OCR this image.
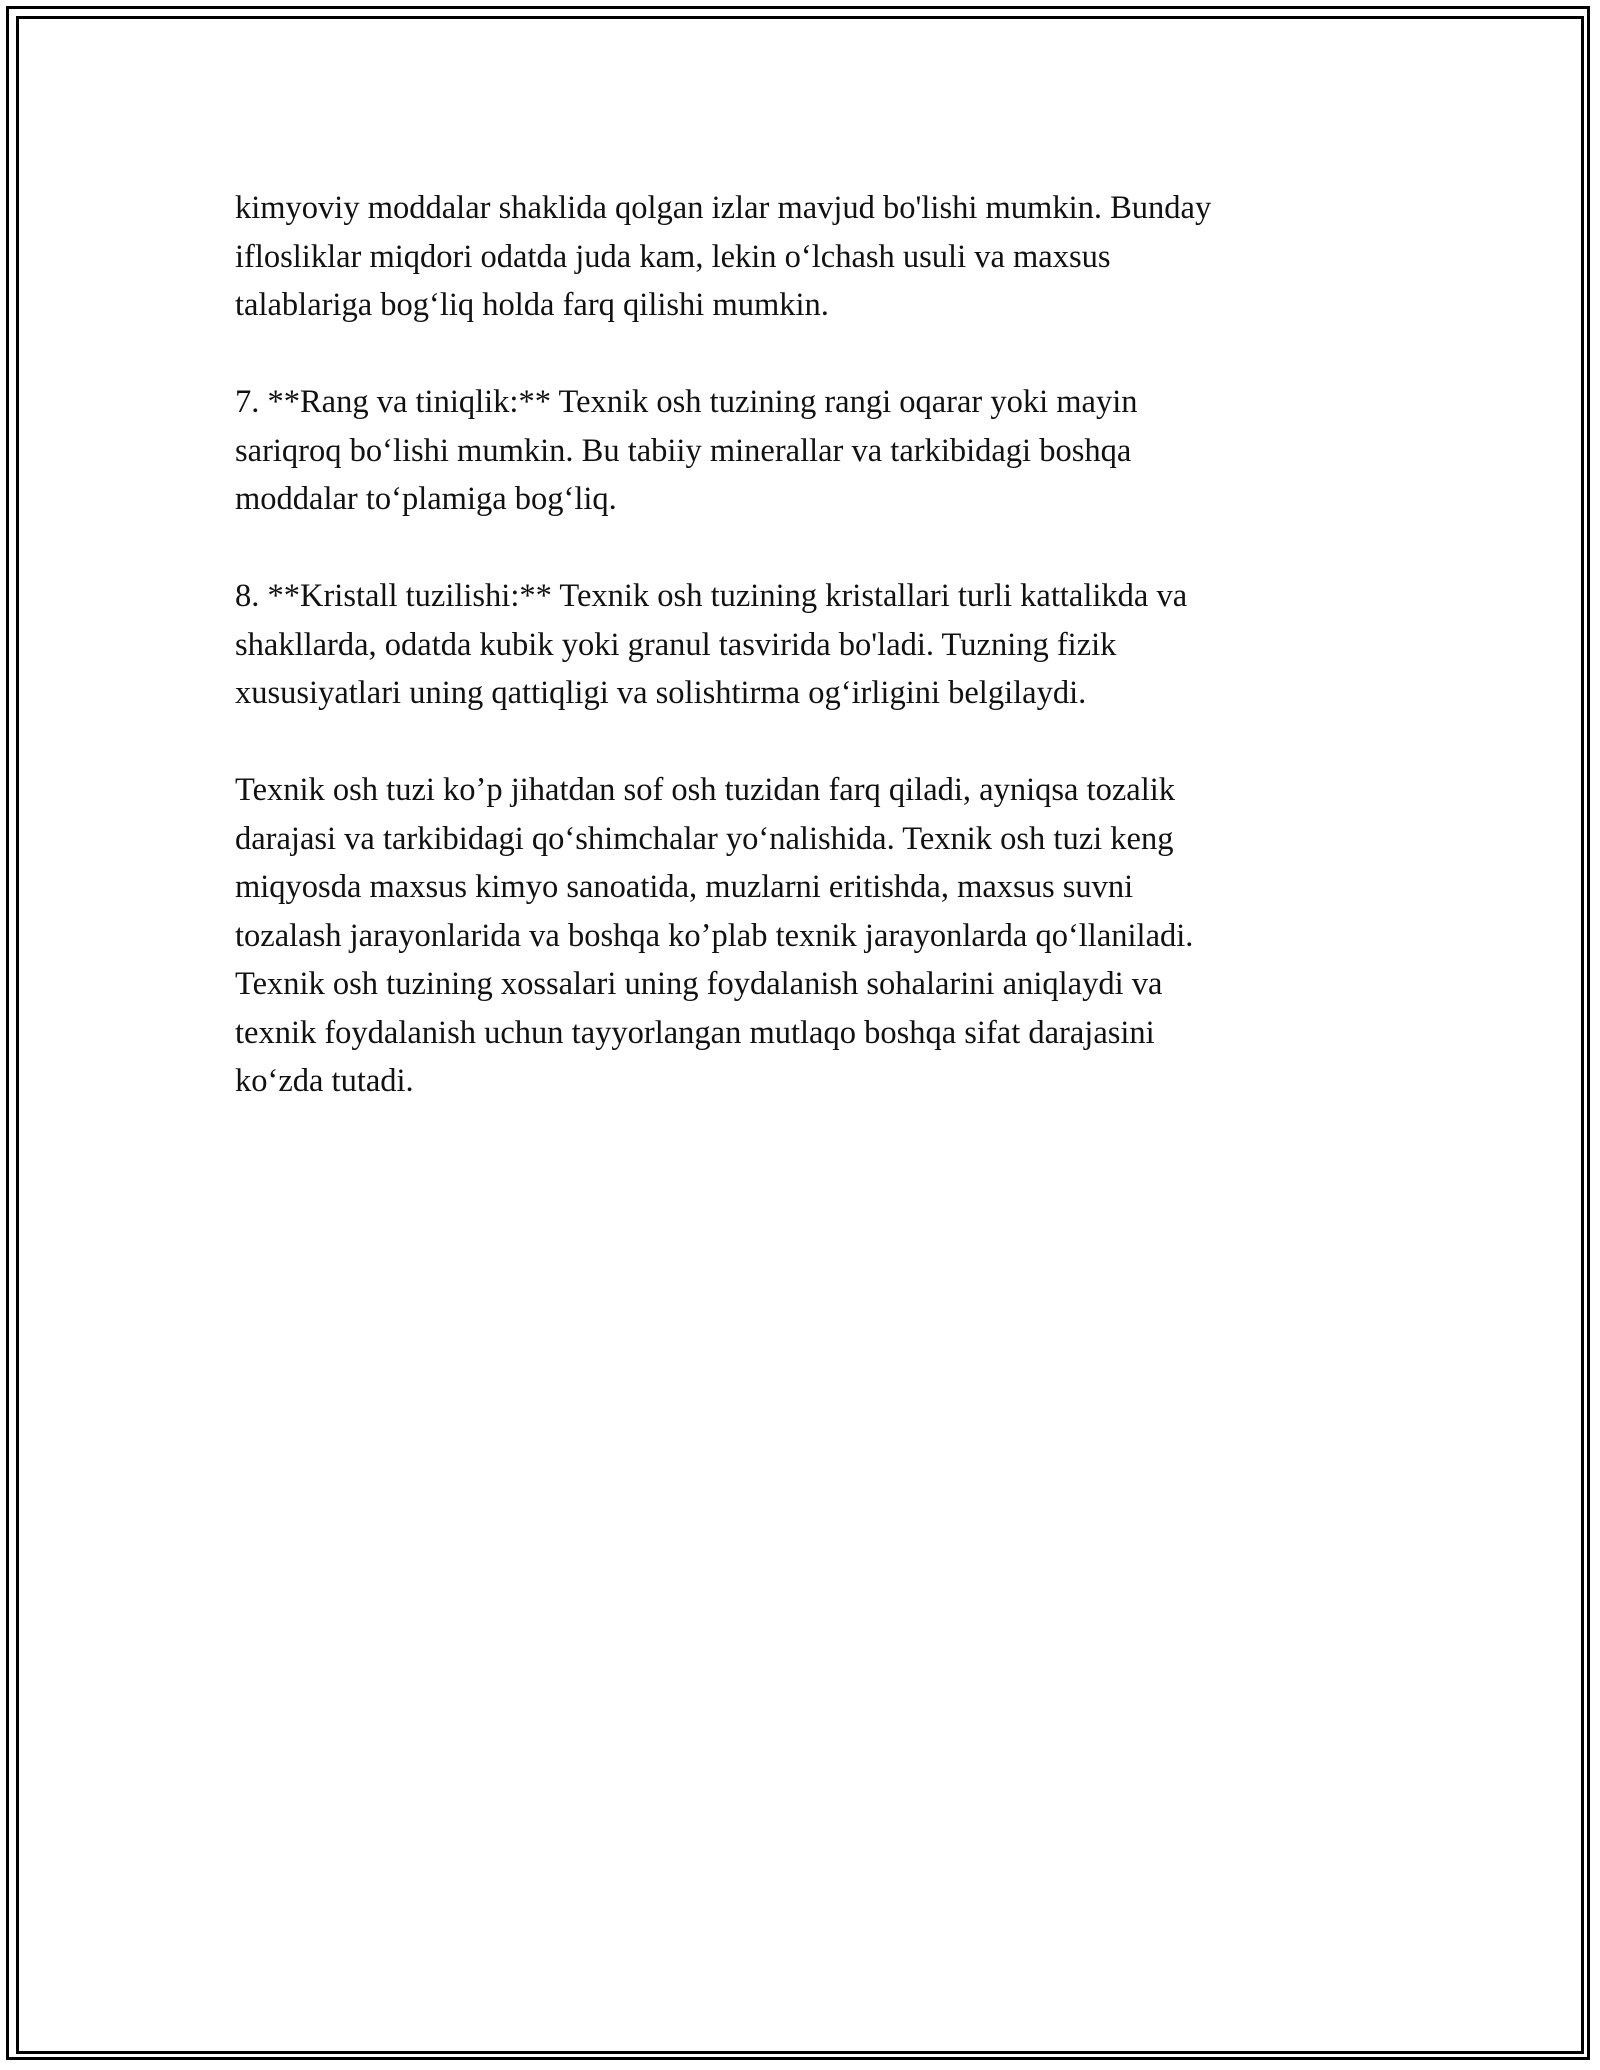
kimyoviy moddalar shaklida qolgan izlar mavjud bo'lishi mumkin. Bunday
iflosliklar miqdori odatda juda kam, lekin oʻlchash usuli va maxsus
talablariga bogʻliq holda farq qilishi mumkin.

7. **Rang va tiniqlik:** Texnik osh tuzining rangi oqarar yoki mayin
sariqroq boʻlishi mumkin. Bu tabiiy minerallar va tarkibidagi boshqa
moddalar toʻplamiga bogʻliq.

8. **Kristall tuzilishi:** Texnik osh tuzining kristallari turli kattalikda va
shakllarda, odatda kubik yoki granul tasvirida bo'ladi. Tuzning fizik
xususiyatlari uning qattiqligi va solishtirma ogʻirligini belgilaydi.

Texnik osh tuzi koʼp jihatdan sof osh tuzidan farq qiladi, ayniqsa tozalik
darajasi va tarkibidagi qoʻshimchalar yoʻnalishida. Texnik osh tuzi keng
miqyosda maxsus kimyo sanoatida, muzlarni eritishda, maxsus suvni
tozalash jarayonlarida va boshqa koʼplab texnik jarayonlarda qoʻllaniladi.
Texnik osh tuzining xossalari uning foydalanish sohalarini aniqlaydi va
texnik foydalanish uchun tayyorlangan mutlaqo boshqa sifat darajasini
koʻzda tutadi.
